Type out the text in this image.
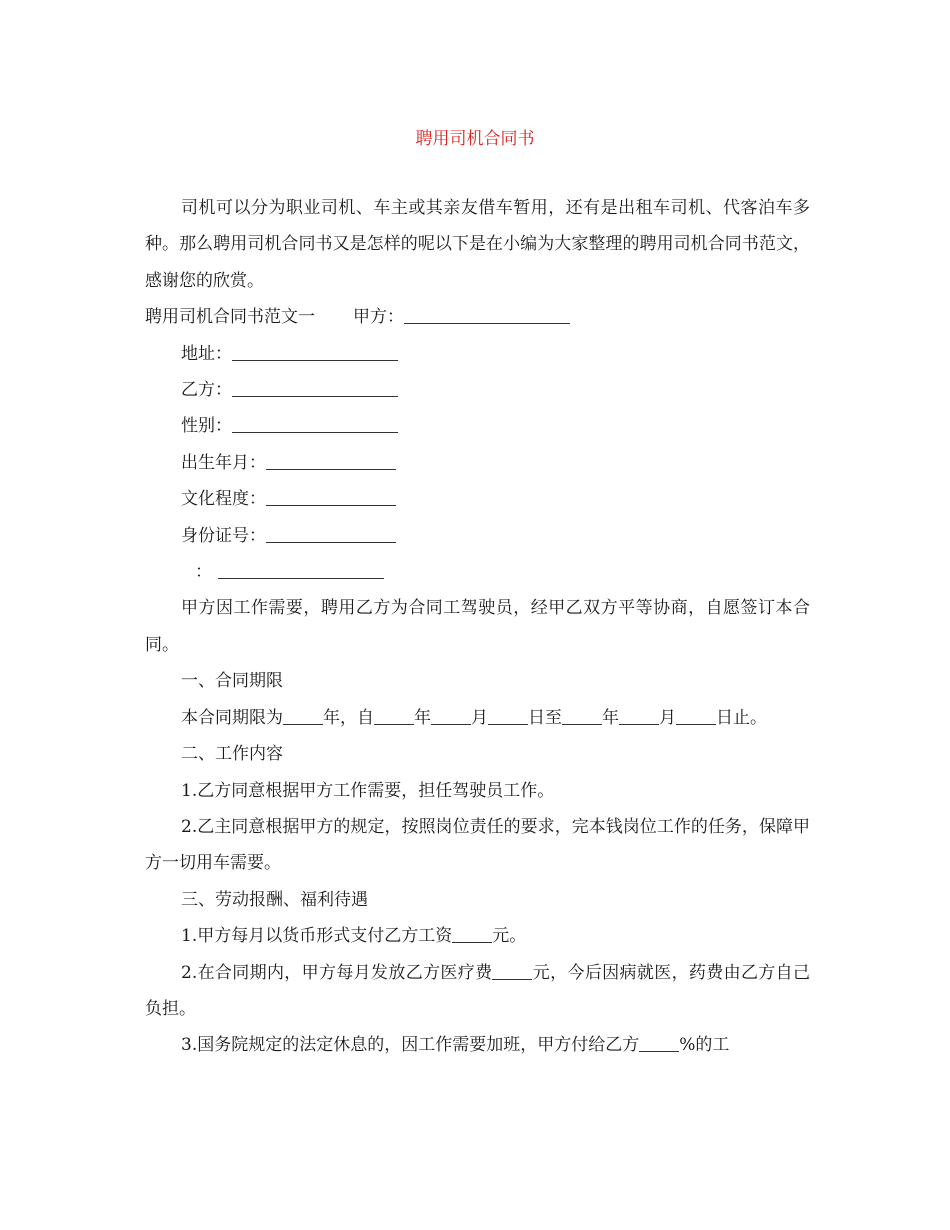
聘用司机合同书

司机可以分为职业司机、车主或其亲友借车暂用，还有是出租车司机、代客泊车多种。那么聘用司机合同书又是怎样的呢以下是在小编为大家整理的聘用司机合同书范文，感谢您的欣赏。

聘用司机合同书范文一 甲方：

地址：

乙方：

性别：

出生年月：

文化程度：

身份证号：

：

甲方因工作需要，聘用乙方为合同工驾驶员，经甲乙双方平等协商，自愿签订本合同。

一、合同期限

本合同期限为 年，自 年 月 日至 年 月 日止。

二、工作内容

1.乙方同意根据甲方工作需要，担任驾驶员工作。

2.乙主同意根据甲方的规定，按照岗位责任的要求，完本钱岗位工作的任务，保障甲方一切用车需要。

三、劳动报酬、福利待遇

1.甲方每月以货币形式支付乙方工资 元。

2.在合同期内，甲方每月发放乙方医疗费 元，今后因病就医，药费由乙方自己负担。

3.国务院规定的法定休息的，因工作需要加班，甲方付给乙方 %的工
